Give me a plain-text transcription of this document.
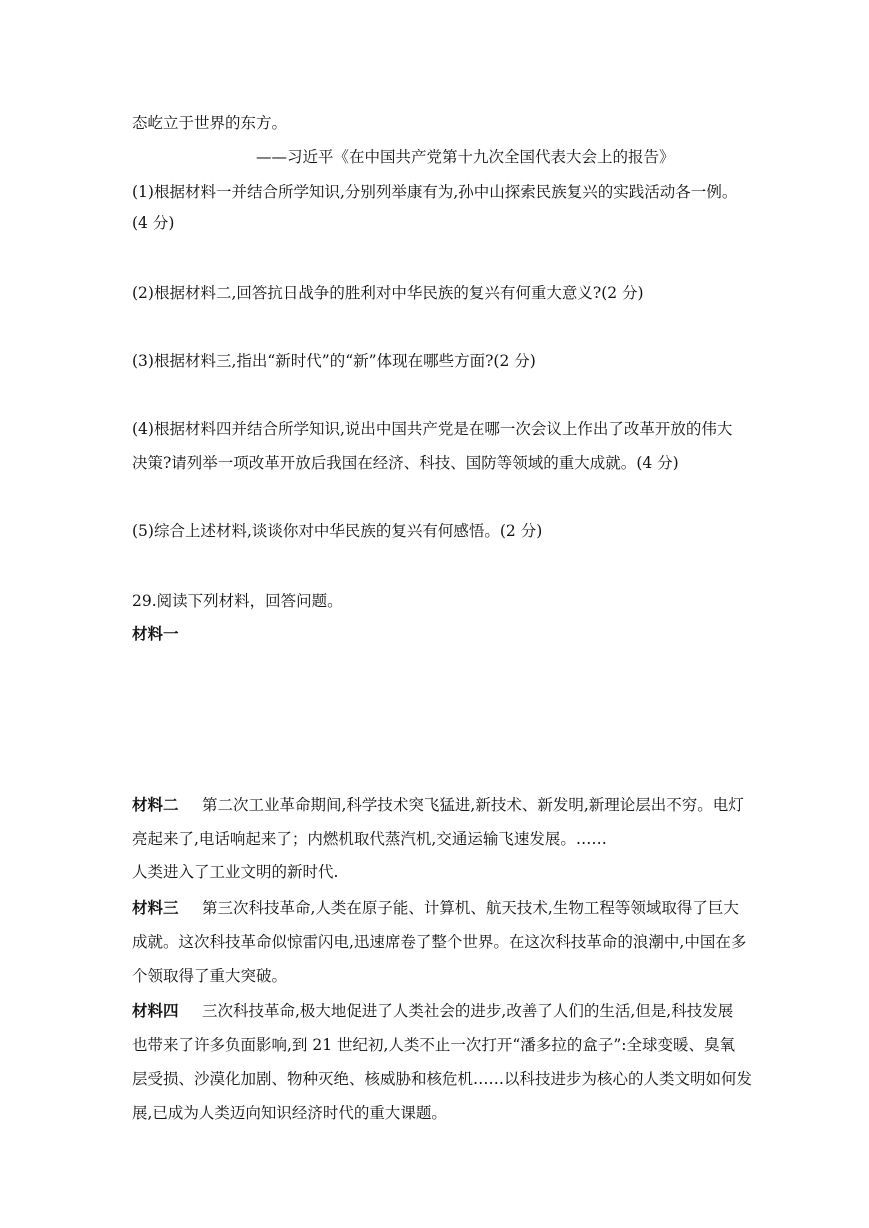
态屹立于世界的东方。
——习近平《在中国共产党第十九次全国代表大会上的报告》
(1)根据材料一并结合所学知识,分别列举康有为,孙中山探索民族复兴的实践活动各一例。
(4 分)
(2)根据材料二,回答抗日战争的胜利对中华民族的复兴有何重大意义?(2 分)
(3)根据材料三,指出“新时代”的“新”体现在哪些方面?(2 分)
(4)根据材料四并结合所学知识,说出中国共产党是在哪一次会议上作出了改革开放的伟大
决策?请列举一项改革开放后我国在经济、科技、国防等领域的重大成就。(4 分)
(5)综合上述材料,谈谈你对中华民族的复兴有何感悟。(2 分)
29.阅读下列材料，回答问题。
材料一
材料二 第二次工业革命期间,科学技术突飞猛进,新技术、新发明,新理论层出不穷。电灯
亮起来了,电话响起来了；内燃机取代蒸汽机,交通运输飞速发展。……
人类进入了工业文明的新时代.
材料三 第三次科技革命,人类在原子能、计算机、航天技术,生物工程等领域取得了巨大
成就。这次科技革命似惊雷闪电,迅速席卷了整个世界。在这次科技革命的浪潮中,中国在多
个领取得了重大突破。
材料四 三次科技革命,极大地促进了人类社会的进步,改善了人们的生活,但是,科技发展
也带来了许多负面影响,到 21 世纪初,人类不止一次打开“潘多拉的盒子”:全球变暖、臭氧
层受损、沙漠化加剧、物种灭绝、核威胁和核危机……以科技进步为核心的人类文明如何发
展,已成为人类迈向知识经济时代的重大课题。
